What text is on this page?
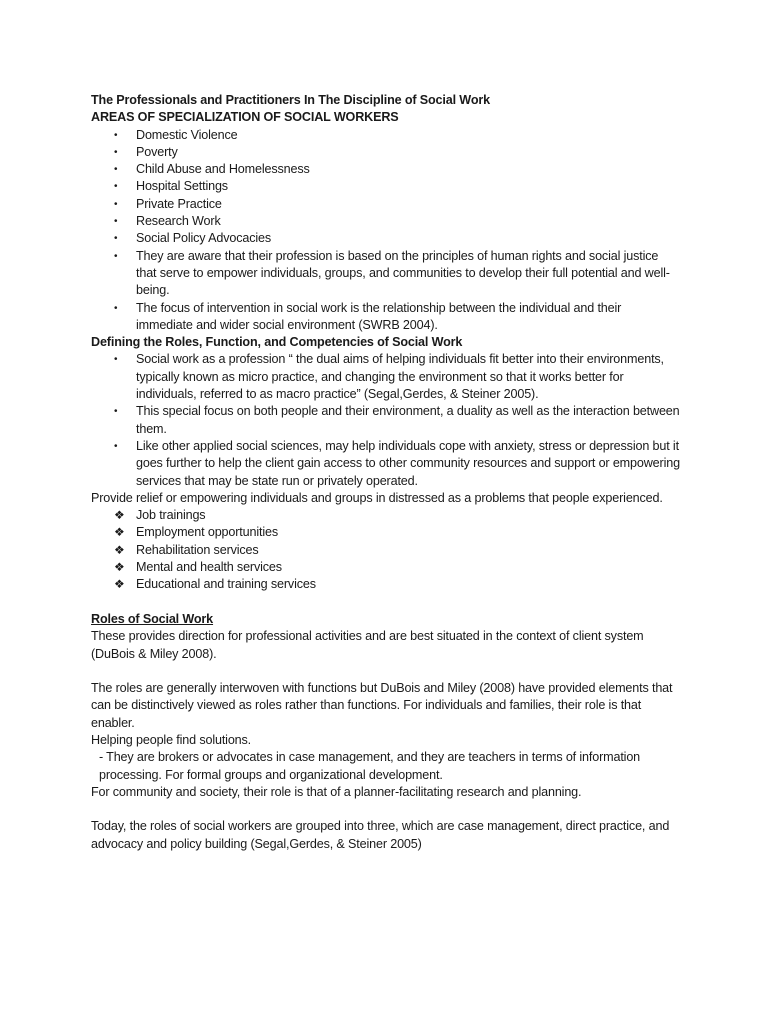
The Professionals and Practitioners In The Discipline of Social Work

AREAS OF SPECIALIZATION OF SOCIAL WORKERS

• Domestic Violence
• Poverty
• Child Abuse and Homelessness
• Hospital Settings
• Private Practice
• Research Work
• Social Policy Advocacies
• They are aware that their profession is based on the principles of human rights and social justice that serve to empower individuals, groups, and communities to develop their full potential and well-being.
• The focus of intervention in social work is the relationship between the individual and their immediate and wider social environment (SWRB 2004).

Defining the Roles, Function, and Competencies of Social Work

• Social work as a profession “ the dual aims of helping individuals fit better into their environments, typically known as micro practice, and changing the environment so that it works better for individuals, referred to as macro practice” (Segal,Gerdes, & Steiner 2005).
• This special focus on both people and their environment, a duality as well as the interaction between them.
• Like other applied social sciences, may help individuals cope with anxiety, stress or depression but it goes further to help the client gain access to other community resources and support or empowering services that may be state run or privately operated.

Provide relief or empowering individuals and groups in distressed as a problems that people experienced.

❖ Job trainings
❖ Employment opportunities
❖ Rehabilitation services
❖ Mental and health services
❖ Educational and training services

Roles of Social Work

These provides direction for professional activities and are best situated in the context of client system (DuBois & Miley 2008).

The roles are generally interwoven with functions but DuBois and Miley (2008) have provided elements that can be distinctively viewed as roles rather than functions. For individuals and families, their role is that enabler.

Helping people find solutions.

- They are brokers or advocates in case management, and they are teachers in terms of information processing. For formal groups and organizational development.

For community and society, their role is that of a planner-facilitating research and planning.

Today, the roles of social workers are grouped into three, which are case management, direct practice, and advocacy and policy building (Segal,Gerdes, & Steiner 2005)
